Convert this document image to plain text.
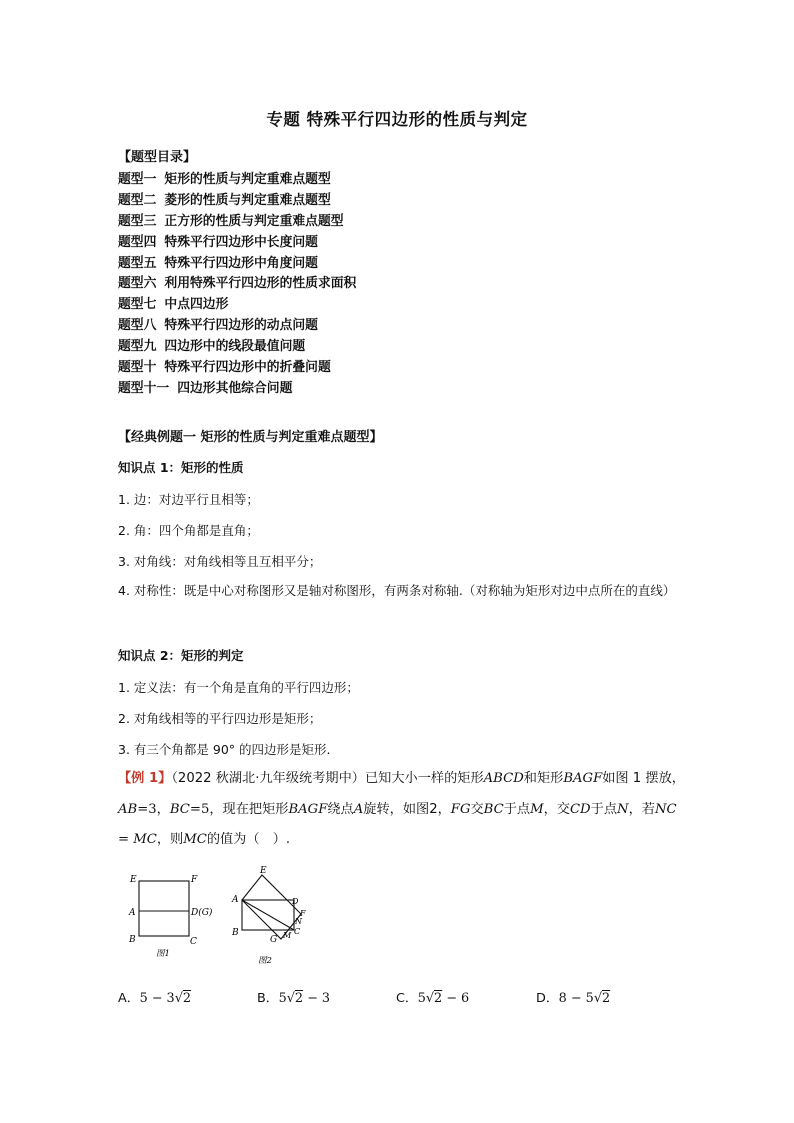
专题 特殊平行四边形的性质与判定
【题型目录】
题型一 矩形的性质与判定重难点题型
题型二 菱形的性质与判定重难点题型
题型三 正方形的性质与判定重难点题型
题型四 特殊平行四边形中长度问题
题型五 特殊平行四边形中角度问题
题型六 利用特殊平行四边形的性质求面积
题型七 中点四边形
题型八 特殊平行四边形的动点问题
题型九 四边形中的线段最值问题
题型十 特殊平行四边形中的折叠问题
题型十一 四边形其他综合问题
【经典例题一 矩形的性质与判定重难点题型】
知识点 1：矩形的性质
1. 边：对边平行且相等；
2. 角：四个角都是直角；
3. 对角线：对角线相等且互相平分；
4. 对称性：既是中心对称图形又是轴对称图形，有两条对称轴.（对称轴为矩形对边中点所在的直线）
知识点 2：矩形的判定
1. 定义法：有一个角是直角的平行四边形；
2. 对角线相等的平行四边形是矩形；
3. 有三个角都是 90° 的四边形是矩形.
【例 1】（2022 秋湖北·九年级统考期中）已知大小一样的矩形ABCD和矩形BAGF如图 1 摆放，AB=3，BC=5，现在把矩形BAGF绕点A旋转，如图2，FG交BC于点M，交CD于点N，若NC = MC，则MC的值为（　）.
E	F
A	D(G)
B	C
图1
E
A	D
F
N
C
M
B
G
图2
A．5 − 3√2	B．5√2 − 3	C．5√2 − 6	D．8 − 5√2
